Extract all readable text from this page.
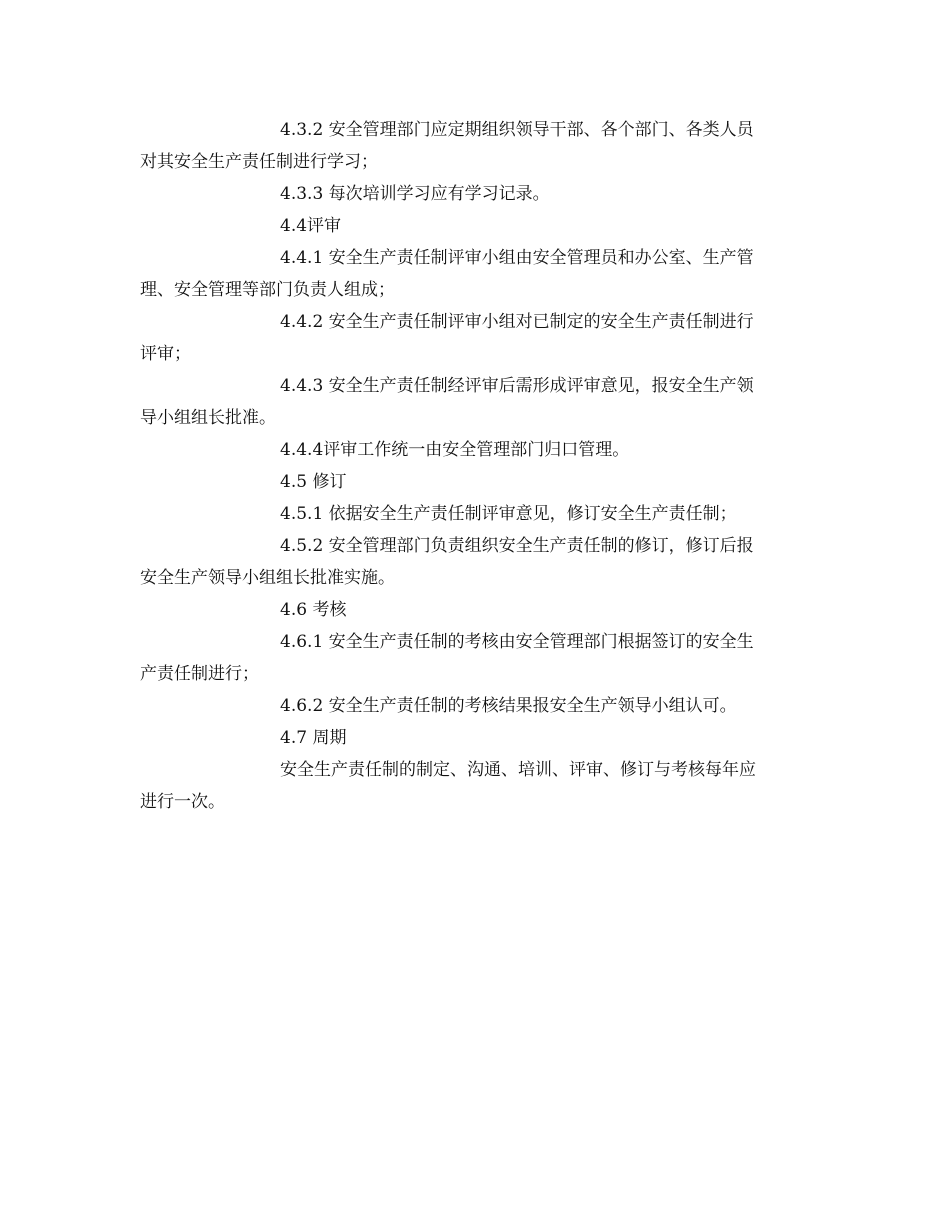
4.3.2 安全管理部门应定期组织领导干部、各个部门、各类人员
对其安全生产责任制进行学习；
4.3.3 每次培训学习应有学习记录。
4.4评审
4.4.1 安全生产责任制评审小组由安全管理员和办公室、生产管
理、安全管理等部门负责人组成；
4.4.2 安全生产责任制评审小组对已制定的安全生产责任制进行
评审；
4.4.3 安全生产责任制经评审后需形成评审意见，报安全生产领
导小组组长批准。
4.4.4评审工作统一由安全管理部门归口管理。
4.5 修订
4.5.1 依据安全生产责任制评审意见，修订安全生产责任制；
4.5.2 安全管理部门负责组织安全生产责任制的修订，修订后报
安全生产领导小组组长批准实施。
4.6 考核
4.6.1 安全生产责任制的考核由安全管理部门根据签订的安全生
产责任制进行；
4.6.2 安全生产责任制的考核结果报安全生产领导小组认可。
4.7 周期
安全生产责任制的制定、沟通、培训、评审、修订与考核每年应
进行一次。
